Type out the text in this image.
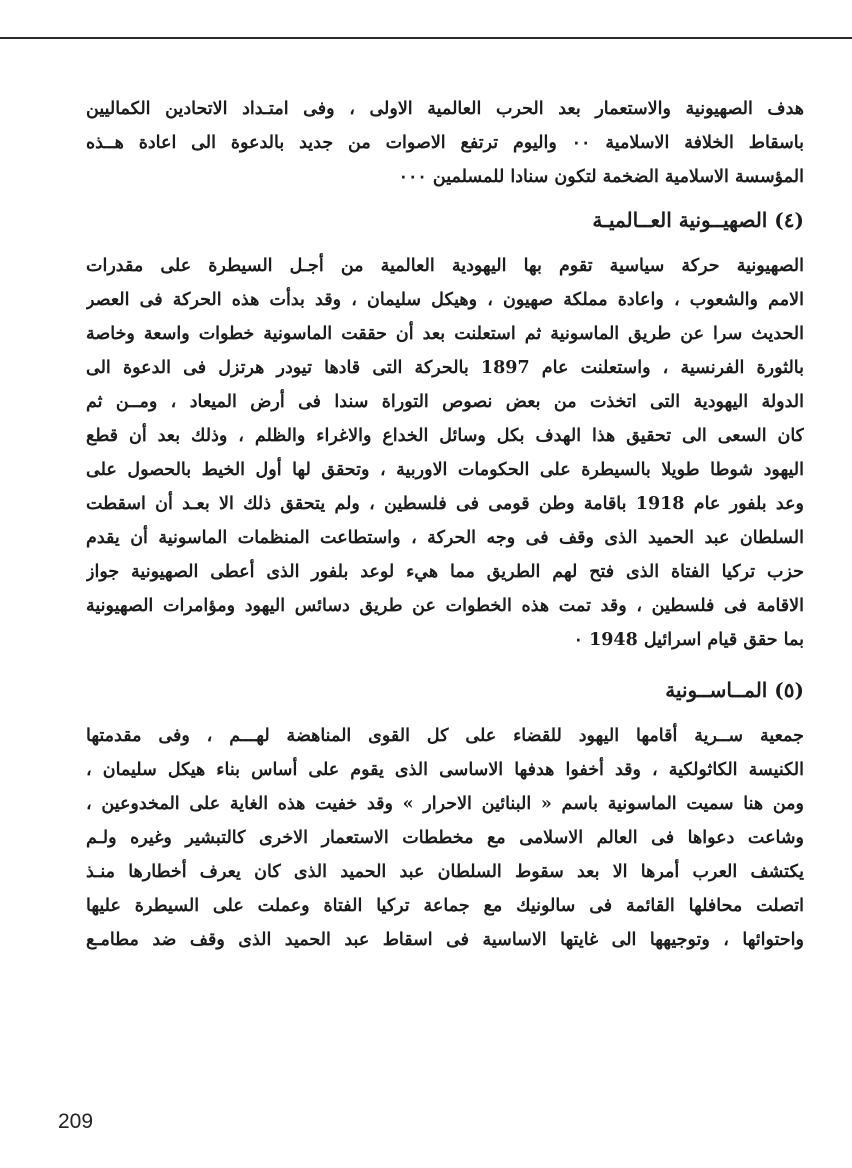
هدف الصهيونية والاستعمار بعد الحرب العالمية الاولى ، وفى امتـداد الاتحادين الكماليين
باسقاط الخلافة الاسلامية ٠٠ واليوم ترتفع الاصوات من جديد بالدعوة الى اعادة هــذه
المؤسسة الاسلامية الضخمة لتكون سنادا للمسلمين ٠٠٠
(٤) الصهيــونية العــالميـة
الصهيونية حركة سياسية تقوم بها اليهودية العالمية من أجـل السيطرة على مقدرات
الامم والشعوب ، واعادة مملكة صهيون ، وهيكل سليمان ، وقد بدأت هذه الحركة فى العصر
الحديث سرا عن طريق الماسونية ثم استعلنت بعد أن حققت الماسونية خطوات واسعة وخاصة
بالثورة الفرنسية ، واستعلنت عام 1897 بالحركة التى قادها تيودر هرتزل فى الدعوة الى
الدولة اليهودية التى اتخذت من بعض نصوص التوراة سندا فى أرض الميعاد ، ومــن ثم
كان السعى الى تحقيق هذا الهدف بكل وسائل الخداع والاغراء والظلم ، وذلك بعد أن قطع
اليهود شوطا طويلا بالسيطرة على الحكومات الاوربية ، وتحقق لها أول الخيط بالحصول على
وعد بلفور عام 1918 باقامة وطن قومى فى فلسطين ، ولم يتحقق ذلك الا بعـد أن اسقطت
السلطان عبد الحميد الذى وقف فى وجه الحركة ، واستطاعت المنظمات الماسونية أن يقدم
حزب تركيا الفتاة الذى فتح لهم الطريق مما هيء لوعد بلفور الذى أعطى الصهيونية جواز
الاقامة فى فلسطين ، وقد تمت هذه الخطوات عن طريق دسائس اليهود ومؤامرات الصهيونية
بما حقق قيام اسرائيل 1948 ٠
(٥) المــاســونية
جمعية ســرية أقامها اليهود للقضاء على كل القوى المناهضة لهـــم ، وفى مقدمتها
الكنيسة الكاثولكية ، وقد أخفوا هدفها الاساسى الذى يقوم على أساس بناء هيكل سليمان ،
ومن هنا سميت الماسونية باسم « البنائين الاحرار » وقد خفيت هذه الغاية على المخدوعين ،
وشاعت دعواها فى العالم الاسلامى مع مخططات الاستعمار الاخرى كالتبشير وغيره ولـم
يكتشف العرب أمرها الا بعد سقوط السلطان عبد الحميد الذى كان يعرف أخطارها منـذ
اتصلت محافلها القائمة فى سالونيك مع جماعة تركيا الفتاة وعملت على السيطرة عليها
واحتوائها ، وتوجيهها الى غايتها الاساسية فى اسقاط عبد الحميد الذى وقف ضد مطامـع
209
